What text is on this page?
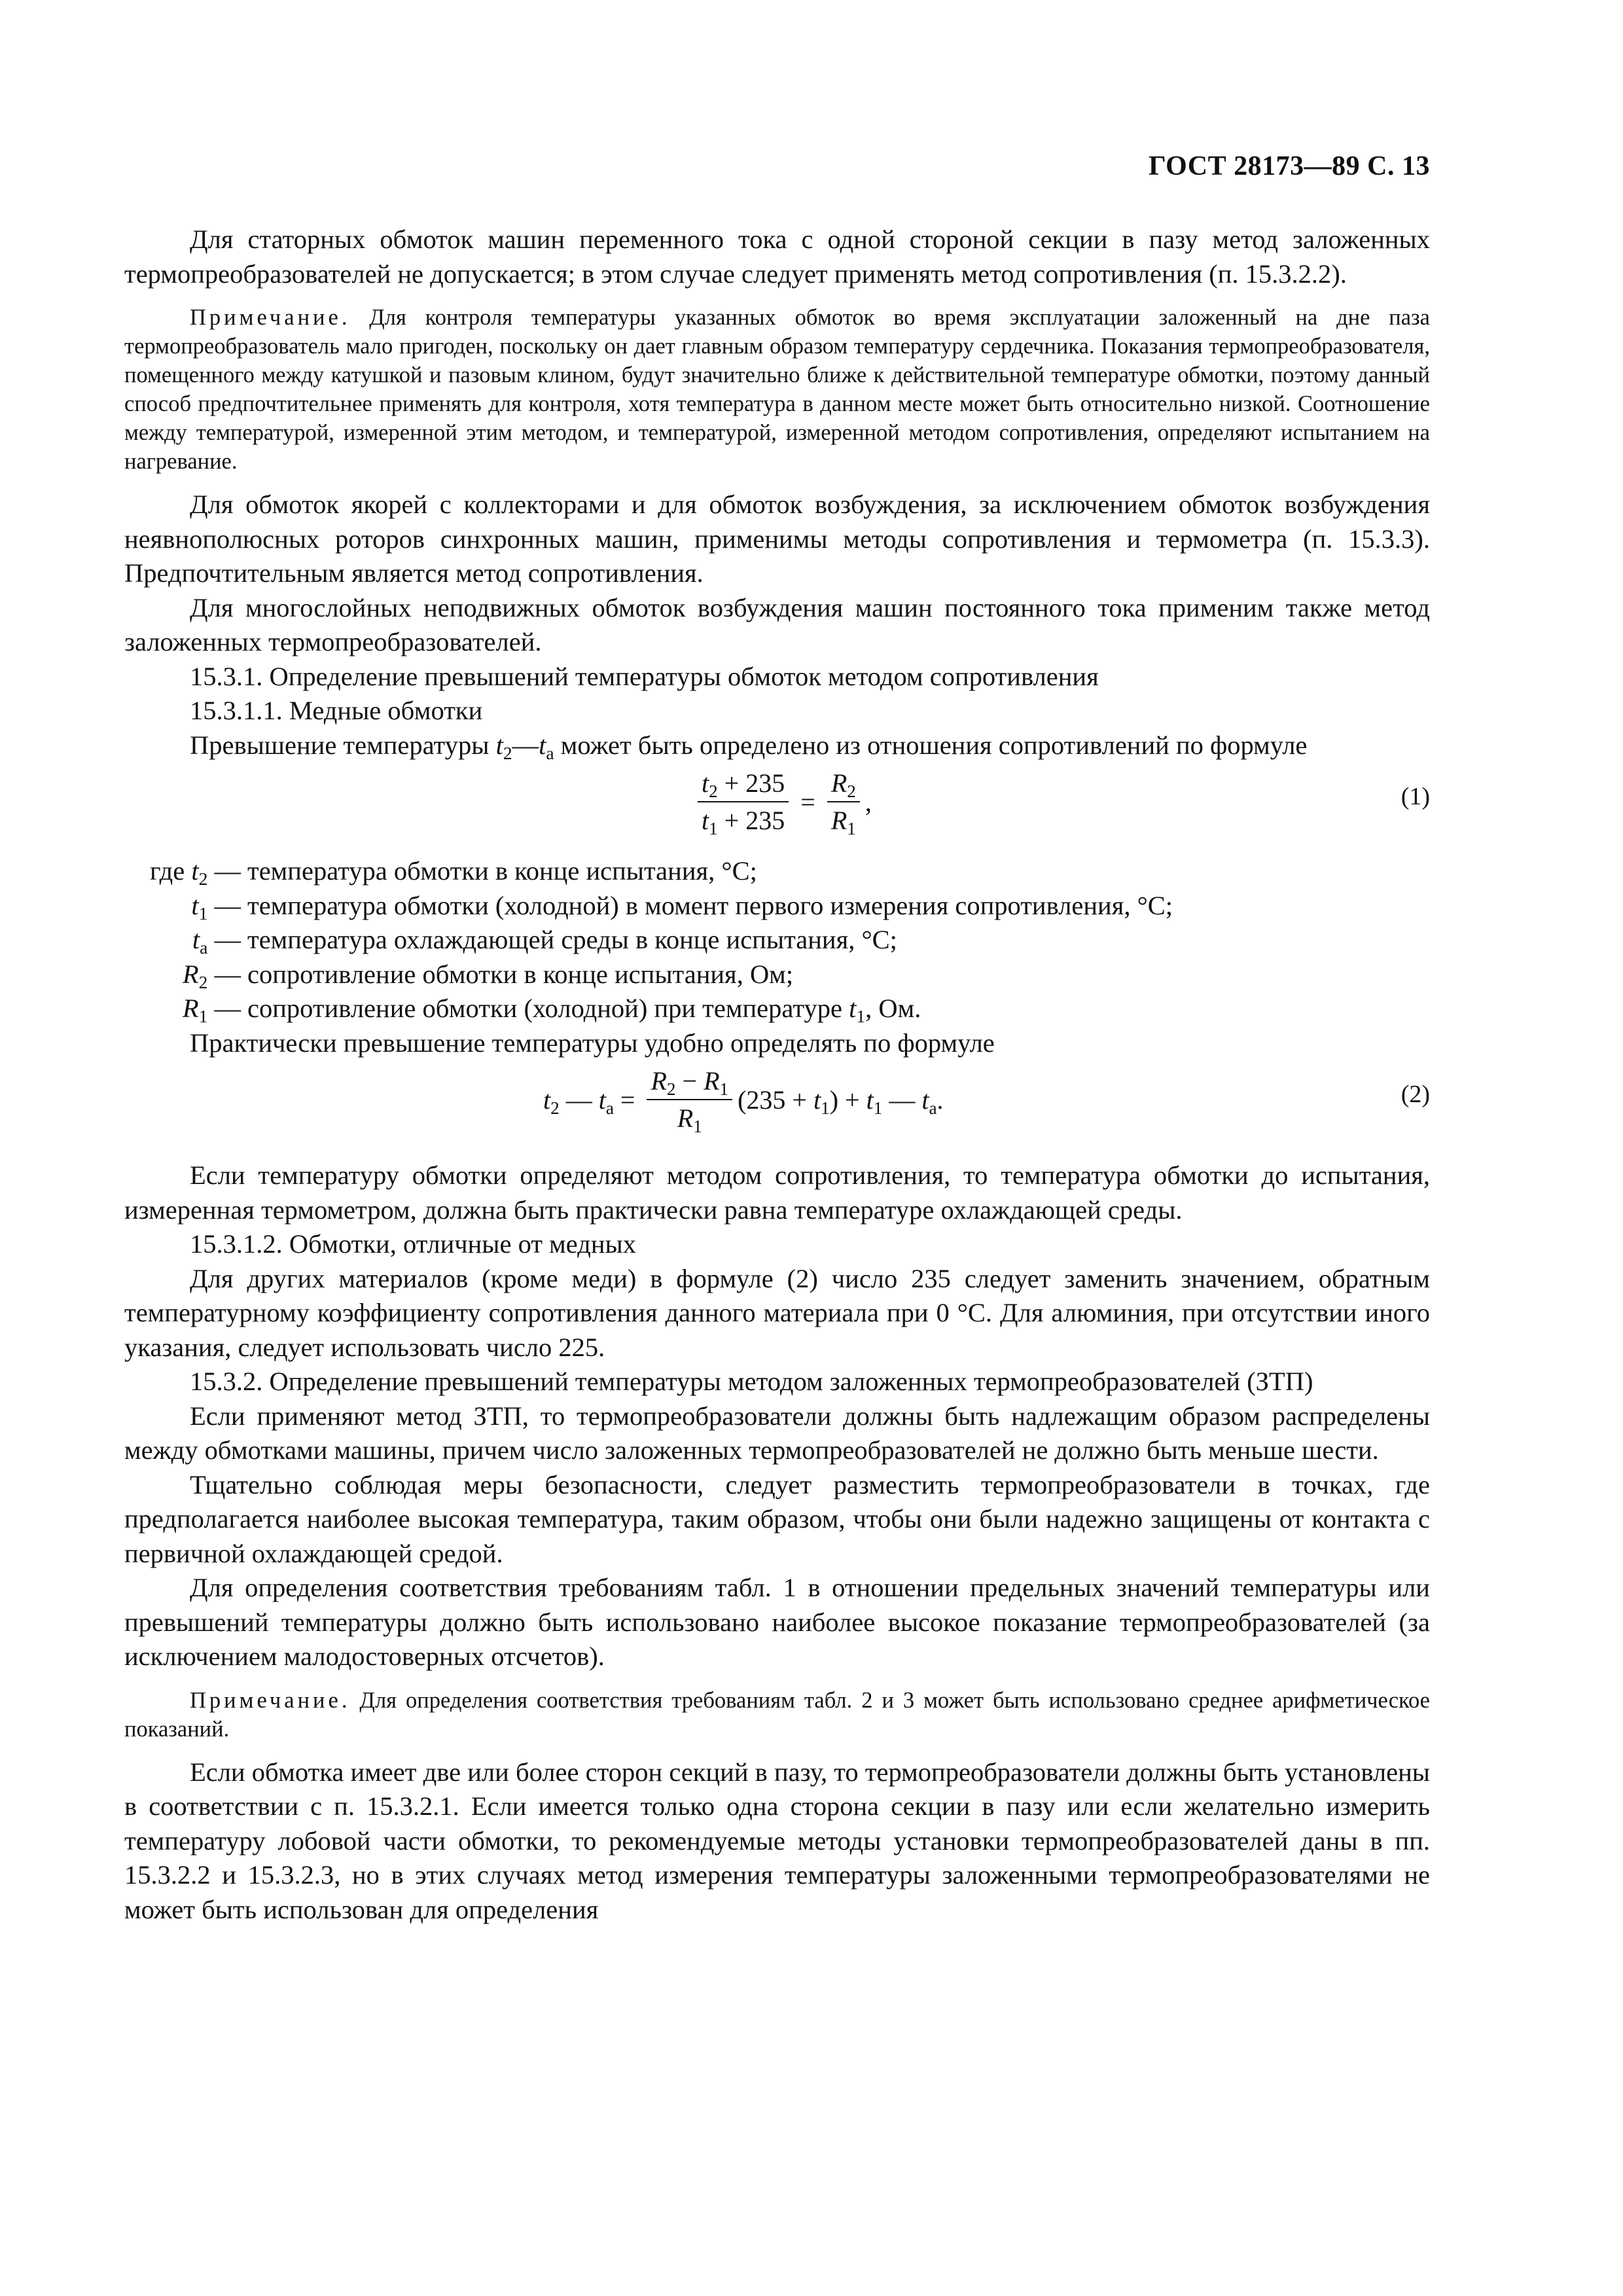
ГОСТ 28173—89 С. 13

Для статорных обмоток машин переменного тока с одной стороной секции в пазу метод заложенных термопреобразователей не допускается; в этом случае следует применять метод сопротивления (п. 15.3.2.2).

Примечание. Для контроля температуры указанных обмоток во время эксплуатации заложенный на дне паза термопреобразователь мало пригоден, поскольку он дает главным образом температуру сердечника. Показания термопреобразователя, помещенного между катушкой и пазовым клином, будут значительно ближе к действительной температуре обмотки, поэтому данный способ предпочтительнее применять для контроля, хотя температура в данном месте может быть относительно низкой. Соотношение между температурой, измеренной этим методом, и температурой, измеренной методом сопротивления, определяют испытанием на нагревание.

Для обмоток якорей с коллекторами и для обмоток возбуждения, за исключением обмоток возбуждения неявнополюсных роторов синхронных машин, применимы методы сопротивления и термометра (п. 15.3.3). Предпочтительным является метод сопротивления.

Для многослойных неподвижных обмоток возбуждения машин постоянного тока применим также метод заложенных термопреобразователей.

15.3.1. Определение превышений температуры обмоток методом сопротивления

15.3.1.1. Медные обмотки

Превышение температуры $t_2—t_a$ может быть определено из отношения сопротивлений по формуле

$\frac{t_2 + 235}{t_1 + 235} = \frac{R_2}{R_1}$ ,	(1)
где $t_2$ — температура обмотки в конце испытания, °С;
$t_1$ — температура обмотки (холодной) в момент первого измерения сопротивления, °С;
$t_a$ — температура охлаждающей среды в конце испытания, °С;
$R_2$ — сопротивление обмотки в конце испытания, Ом;
$R_1$ — сопротивление обмотки (холодной) при температуре $t_1$, Ом.

Практически превышение температуры удобно определять по формуле

$t_2$ — $t_a = \frac{R_2 - R_1}{R_1} (235 + t_1) + t_1$ — $t_a$.	(2)

Если температуру обмотки определяют методом сопротивления, то температура обмотки до испытания, измеренная термометром, должна быть практически равна температуре охлаждающей среды.

15.3.1.2. Обмотки, отличные от медных

Для других материалов (кроме меди) в формуле (2) число 235 следует заменить значением, обратным температурному коэффициенту сопротивления данного материала при 0 °С. Для алюминия, при отсутствии иного указания, следует использовать число 225.

15.3.2. Определение превышений температуры методом заложенных термопреобразователей (ЗТП)

Если применяют метод ЗТП, то термопреобразователи должны быть надлежащим образом распределены между обмотками машины, причем число заложенных термопреобразователей не должно быть меньше шести.

Тщательно соблюдая меры безопасности, следует разместить термопреобразователи в точках, где предполагается наиболее высокая температура, таким образом, чтобы они были надежно защищены от контакта с первичной охлаждающей средой.

Для определения соответствия требованиям табл. 1 в отношении предельных значений температуры или превышений температуры должно быть использовано наиболее высокое показание термопреобразователей (за исключением малодостоверных отсчетов).

Примечание. Для определения соответствия требованиям табл. 2 и 3 может быть использовано среднее арифметическое показаний.

Если обмотка имеет две или более сторон секций в пазу, то термопреобразователи должны быть установлены в соответствии с п. 15.3.2.1. Если имеется только одна сторона секции в пазу или если желательно измерить температуру лобовой части обмотки, то рекомендуемые методы установки термопреобразователей даны в пп. 15.3.2.2 и 15.3.2.3, но в этих случаях метод измерения температуры заложенными термопреобразователями не может быть использован для определения
